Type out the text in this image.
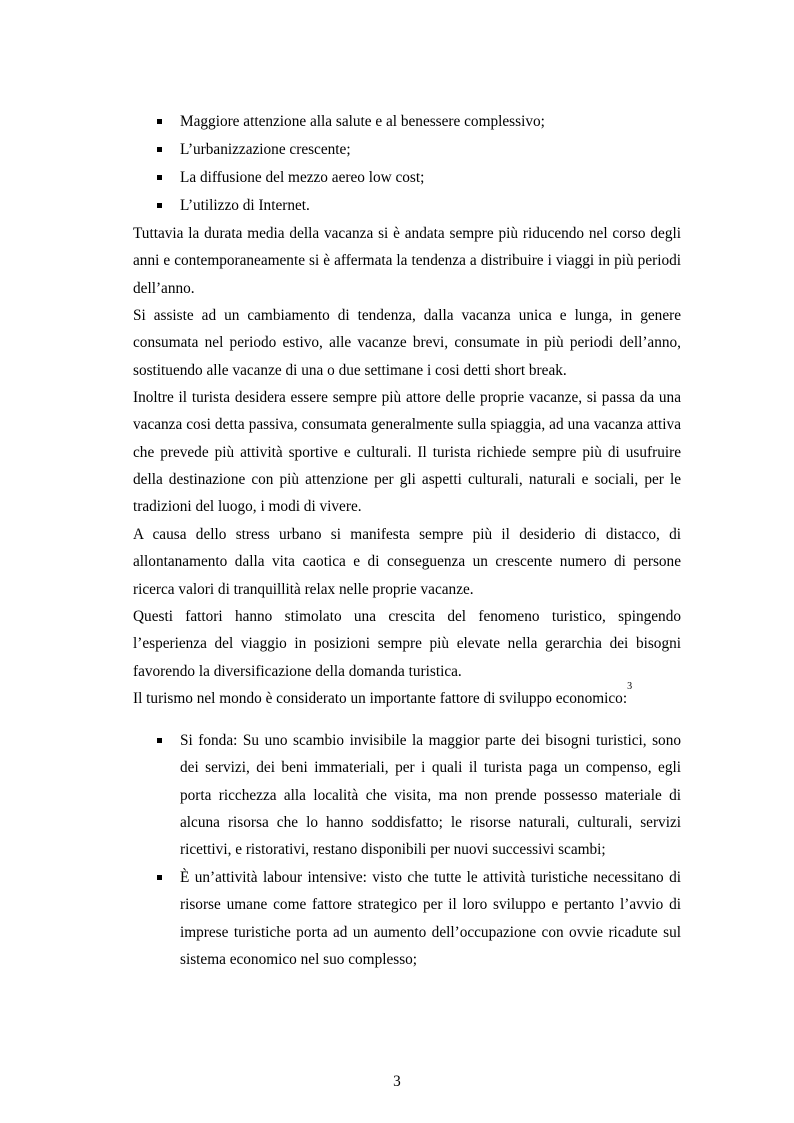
Maggiore attenzione alla salute e al benessere complessivo;
L’urbanizzazione crescente;
La diffusione del mezzo aereo low cost;
L’utilizzo di Internet.

Tuttavia la durata media della vacanza si è andata sempre più riducendo nel corso degli anni e contemporaneamente si è affermata la tendenza a distribuire i viaggi in più periodi dell’anno.

Si assiste ad un cambiamento di tendenza, dalla vacanza unica e lunga, in genere consumata nel periodo estivo, alle vacanze brevi, consumate in più periodi dell’anno, sostituendo alle vacanze di una o due settimane i cosi detti short break.

Inoltre il turista desidera essere sempre più attore delle proprie vacanze, si passa da una vacanza cosi detta passiva, consumata generalmente sulla spiaggia, ad una vacanza attiva che prevede più attività sportive e culturali. Il turista richiede sempre più di usufruire della destinazione con più attenzione per gli aspetti culturali, naturali e sociali, per le tradizioni del luogo, i modi di vivere.

A causa dello stress urbano si manifesta sempre più il desiderio di distacco, di allontanamento dalla vita caotica e di conseguenza un crescente numero di persone ricerca valori di tranquillità relax nelle proprie vacanze.

Questi fattori hanno stimolato una crescita del fenomeno turistico, spingendo l’esperienza del viaggio in posizioni sempre più elevate nella gerarchia dei bisogni favorendo la diversificazione della domanda turistica.

Il turismo nel mondo è considerato un importante fattore di sviluppo economico:$^3$
Si fonda: Su uno scambio invisibile la maggior parte dei bisogni turistici, sono dei servizi, dei beni immateriali, per i quali il turista paga un compenso, egli porta ricchezza alla località che visita, ma non prende possesso materiale di alcuna risorsa che lo hanno soddisfatto; le risorse naturali, culturali, servizi ricettivi, e ristorativi, restano disponibili per nuovi successivi scambi;
È un’attività labour intensive: visto che tutte le attività turistiche necessitano di risorse umane come fattore strategico per il loro sviluppo e pertanto l’avvio di imprese turistiche porta ad un aumento dell’occupazione con ovvie ricadute sul sistema economico nel suo complesso;
3
